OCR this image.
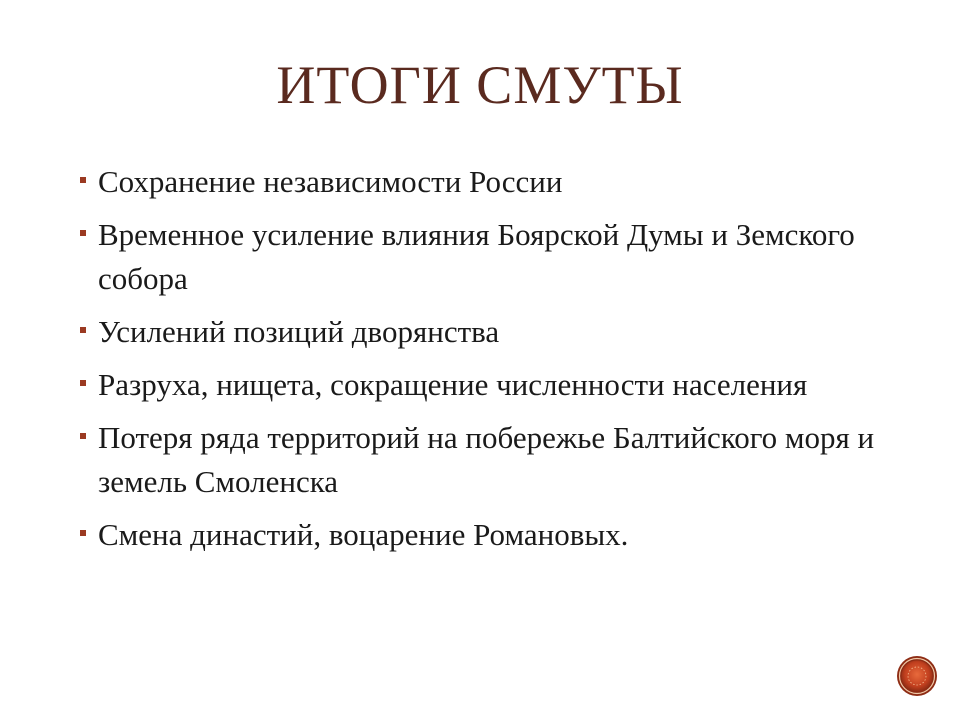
ИТОГИ СМУТЫ
Сохранение независимости России
Временное усиление влияния Боярской Думы и Земского собора
Усилений позиций дворянства
Разруха, нищета, сокращение численности населения
Потеря ряда территорий на побережье Балтийского моря и земель Смоленска
Смена династий, воцарение Романовых.
